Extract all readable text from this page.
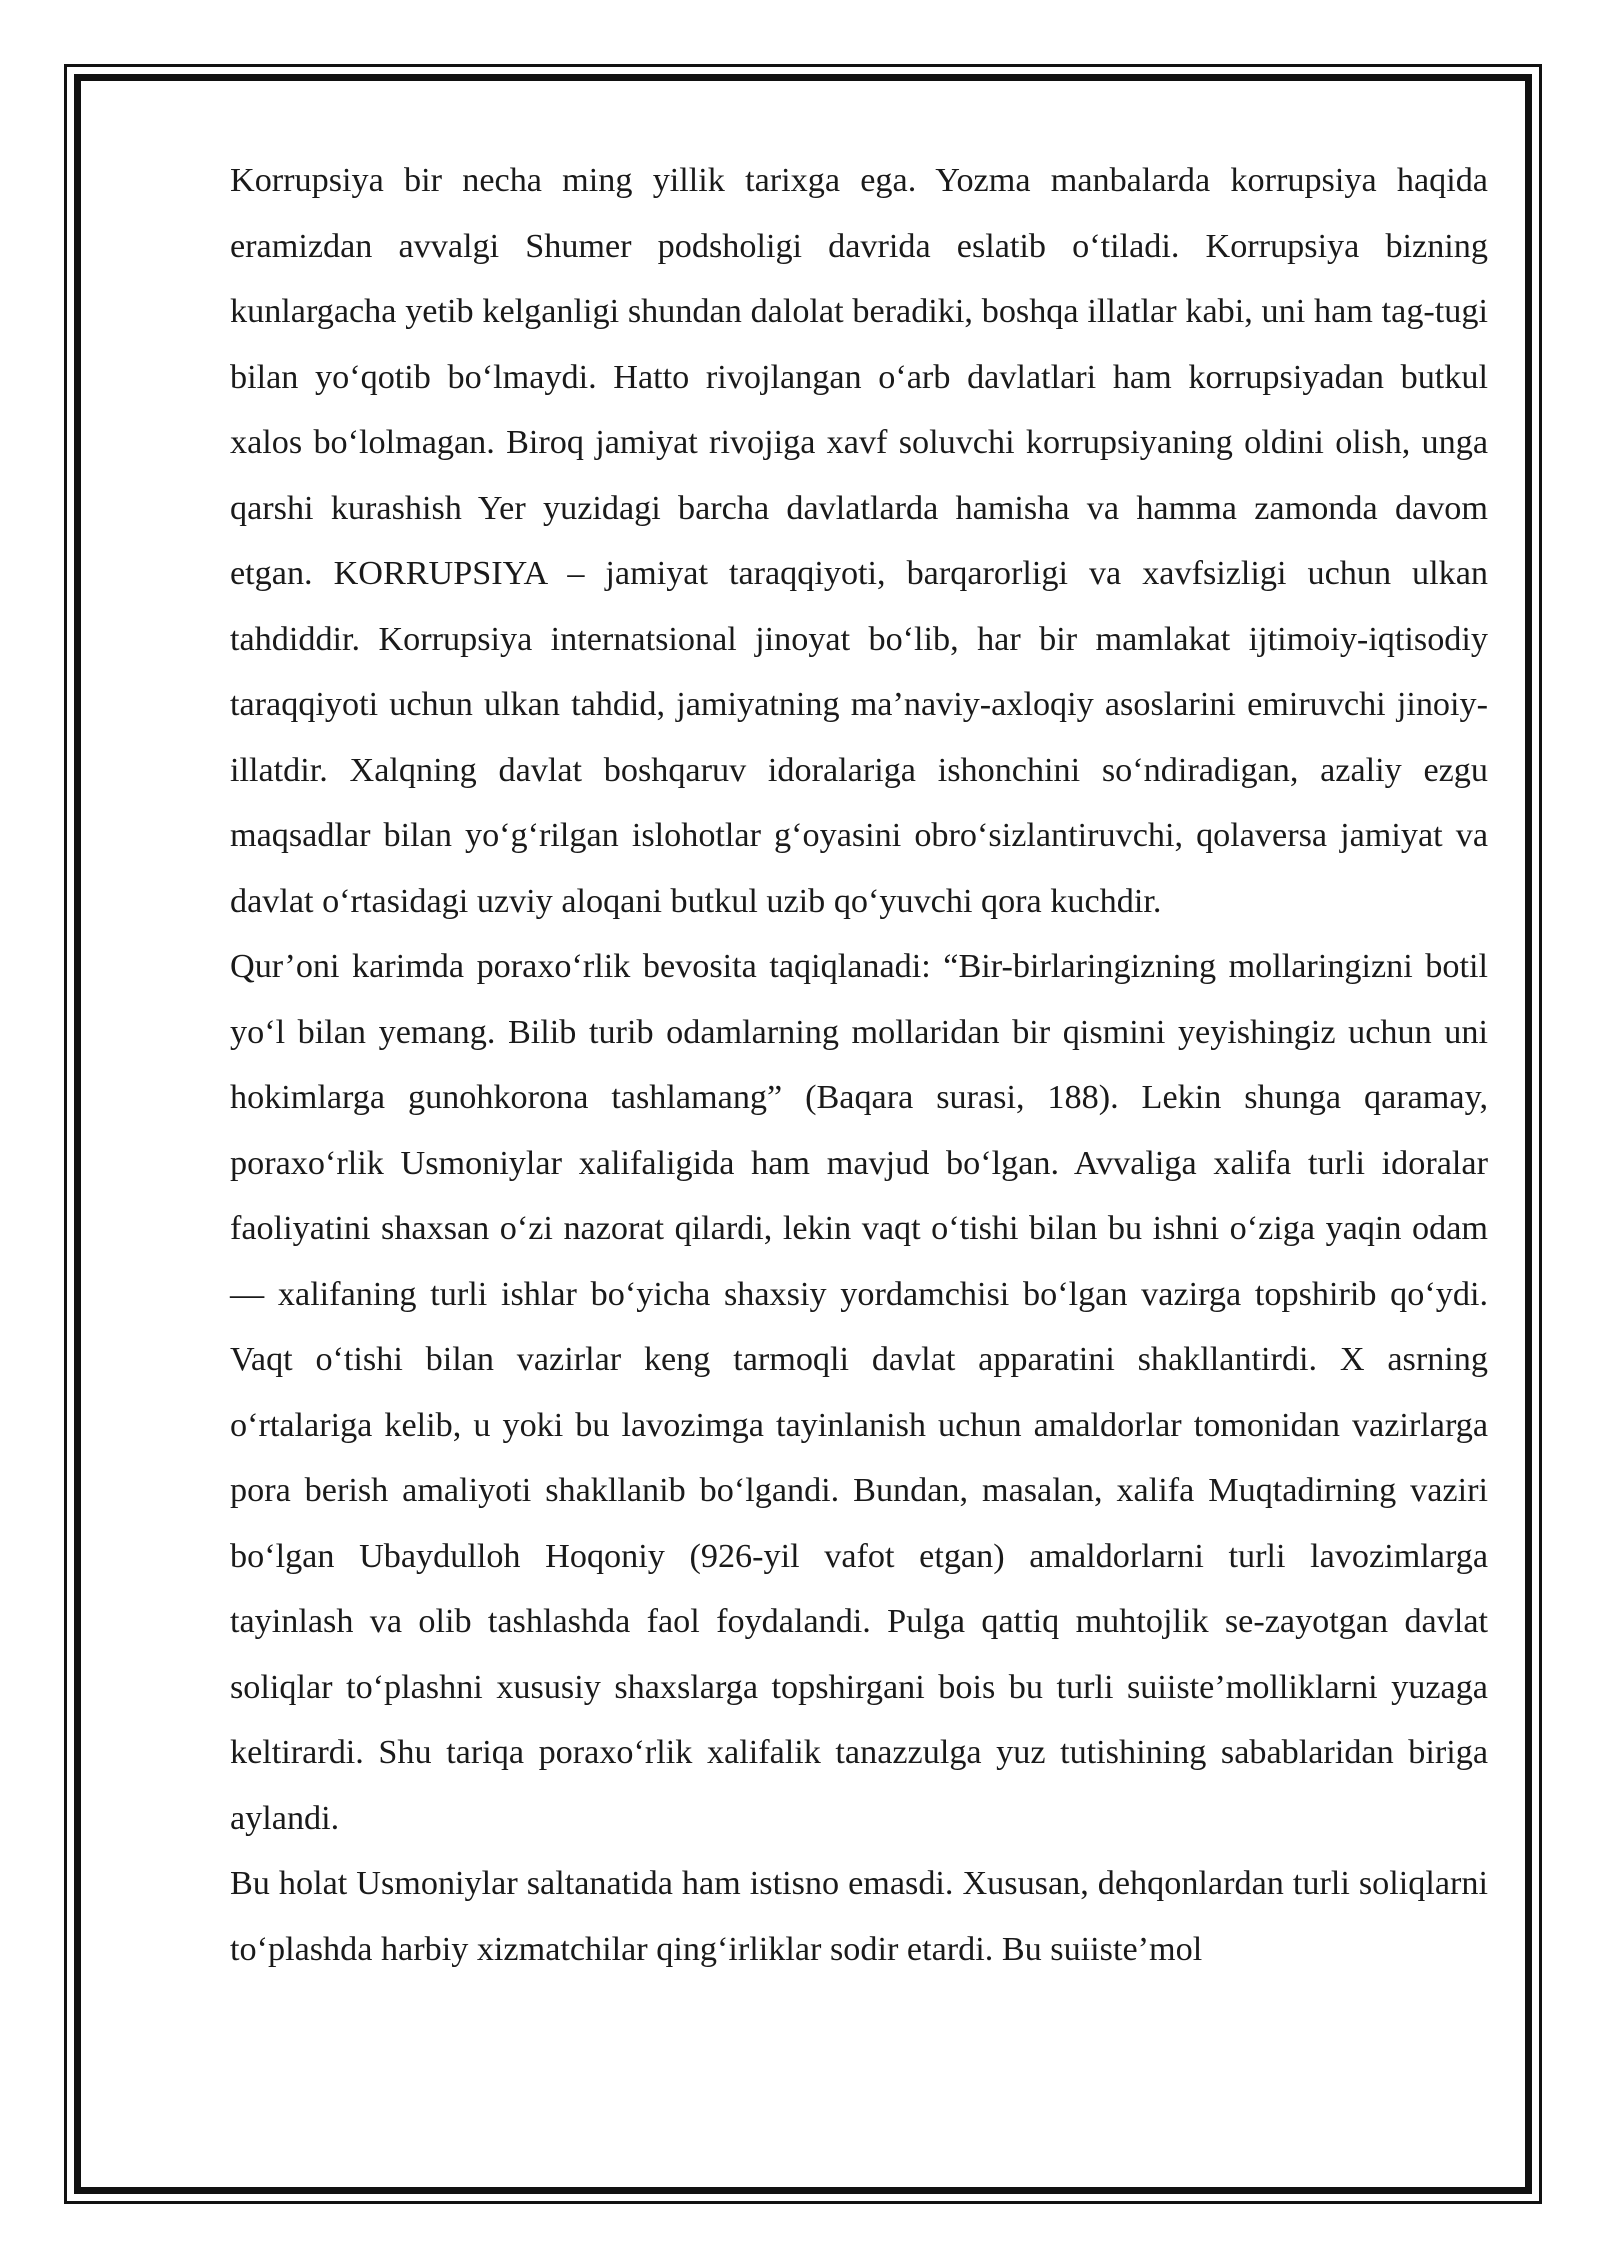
Korrupsiya bir necha ming yillik tarixga ega. Yozma manbalarda korrupsiya haqida eramizdan avvalgi Shumer podsholigi davrida eslatib o‘tiladi. Korrupsiya bizning kunlargacha yetib kelganligi shundan dalolat beradiki, boshqa illatlar kabi, uni ham tag-tugi bilan yo‘qotib bo‘lmaydi. Hatto rivojlangan o‘arb davlatlari ham korrupsiyadan butkul xalos bo‘lolmagan. Biroq jamiyat rivojiga xavf soluvchi korrupsiyaning oldini olish, unga qarshi kurashish Yer yuzidagi barcha davlatlarda hamisha va hamma zamonda davom etgan. KORRUPSIYA – jamiyat taraqqiyoti, barqarorligi va xavfsizligi uchun ulkan tahdiddir. Korrupsiya internatsional jinoyat bo‘lib, har bir mamlakat ijtimoiy-iqtisodiy taraqqiyoti uchun ulkan tahdid, jamiyatning ma’naviy-axloqiy asoslarini emiruvchi jinoiy-illatdir. Xalqning davlat boshqaruv idoralariga ishonchini so‘ndiradigan, azaliy ezgu maqsadlar bilan yo‘g‘rilgan islohotlar g‘oyasini obro‘sizlantiruvchi, qolaversa jamiyat va davlat o‘rtasidagi uzviy aloqani butkul uzib qo‘yuvchi qora kuchdir.

Qur’oni karimda poraxo‘rlik bevosita taqiqlanadi: “Bir-birlaringizning mollaringizni botil yo‘l bilan yemang. Bilib turib odamlarning mollaridan bir qismini yeyishingiz uchun uni hokimlarga gunohkorona tashlamang” (Baqara surasi, 188). Lekin shunga qaramay, poraxo‘rlik Usmoniylar xalifaligida ham mavjud bo‘lgan. Avvaliga xalifa turli idoralar faoliyatini shaxsan o‘zi nazorat qilardi, lekin vaqt o‘tishi bilan bu ishni o‘ziga yaqin odam — xalifaning turli ishlar bo‘yicha shaxsiy yordamchisi bo‘lgan vazirga topshirib qo‘ydi. Vaqt o‘tishi bilan vazirlar keng tarmoqli davlat apparatini shakllantirdi. X asrning o‘rtalariga kelib, u yoki bu lavozimga tayinlanish uchun amaldorlar tomonidan vazirlarga pora berish amaliyoti shakllanib bo‘lgandi. Bundan, masalan, xalifa Muqtadirning vaziri bo‘lgan Ubaydulloh Hoqoniy (926-yil vafot etgan) amaldorlarni turli lavozimlarga tayinlash va olib tashlashda faol foydalandi. Pulga qattiq muhtojlik se-zayotgan davlat soliqlar to‘plashni xususiy shaxslarga topshirgani bois bu turli suiiste’molliklarni yuzaga keltirardi. Shu tariqa poraxo‘rlik xalifalik tanazzulga yuz tutishining sabablaridan biriga aylandi.

Bu holat Usmoniylar saltanatida ham istisno emasdi. Xususan, dehqonlardan turli soliqlarni to‘plashda harbiy xizmatchilar qing‘irliklar sodir etardi. Bu suiiste’mol
